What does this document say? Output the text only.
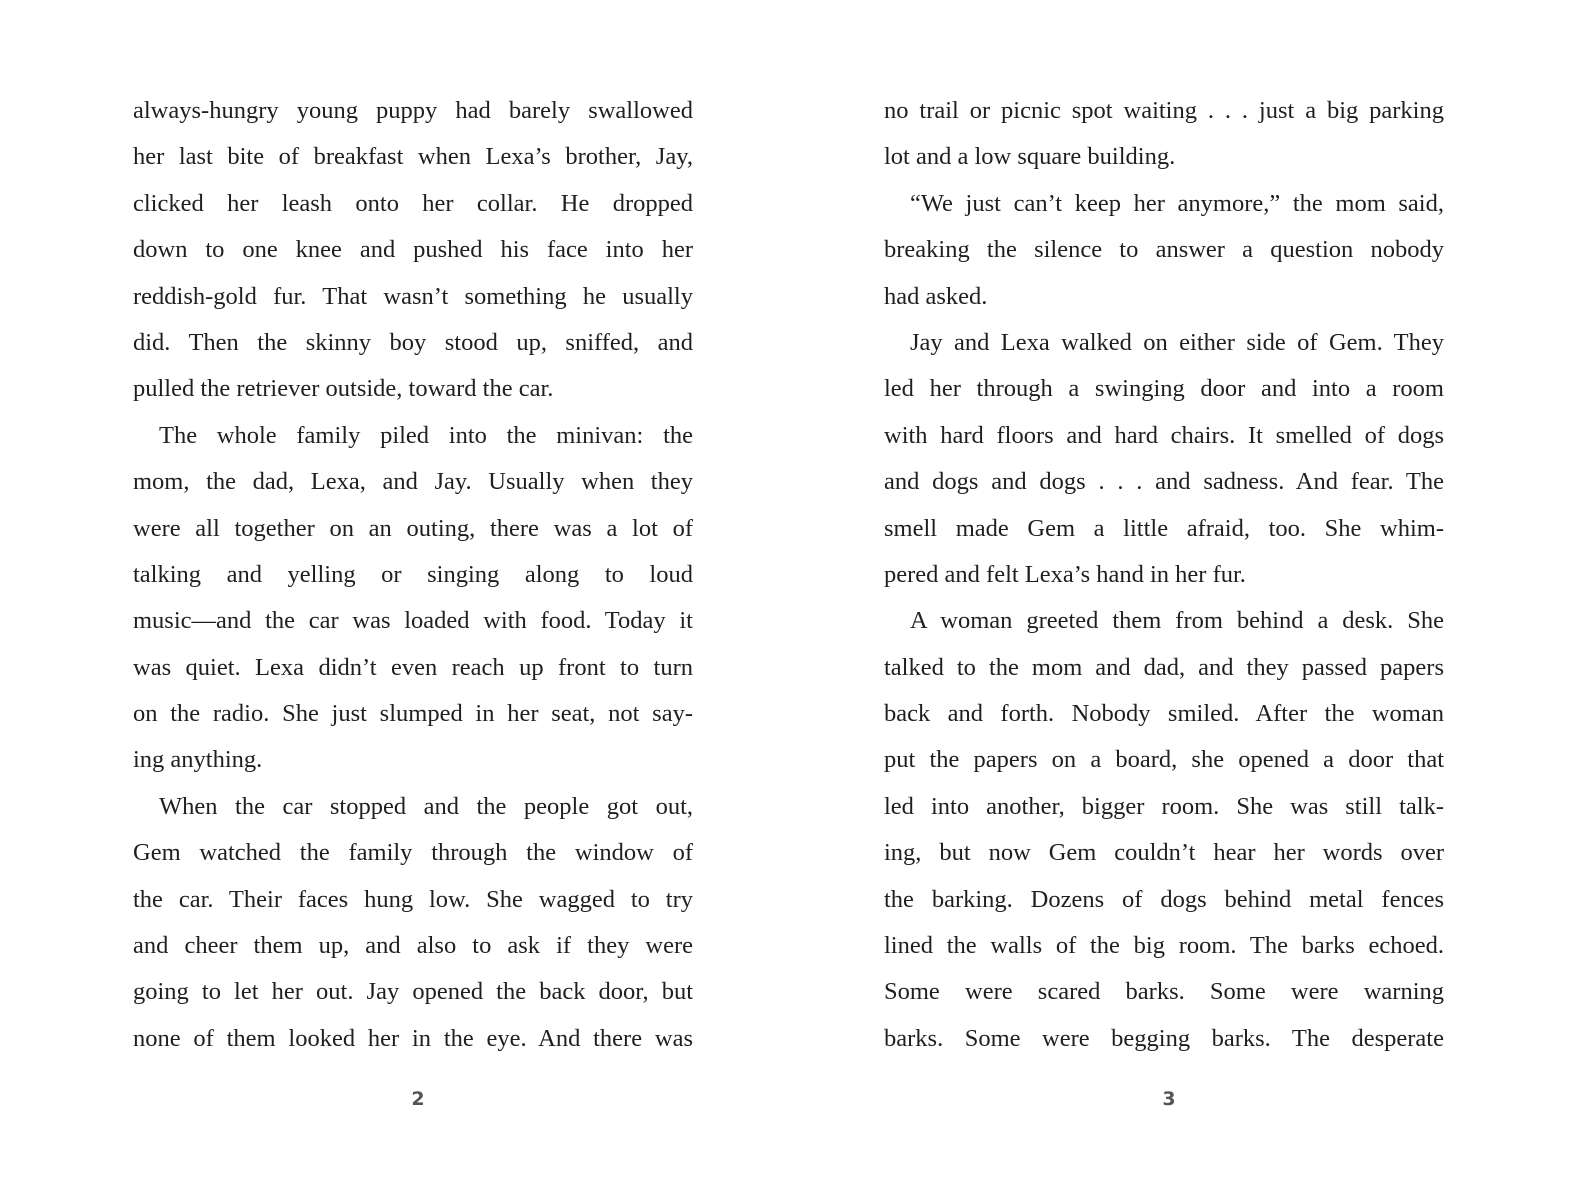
always-hungry young puppy had barely swallowed
her last bite of breakfast when Lexa’s brother, Jay,
clicked her leash onto her collar. He dropped
down to one knee and pushed his face into her
reddish-gold fur. That wasn’t something he usually
did. Then the skinny boy stood up, sniffed, and
pulled the retriever outside, toward the car.
The whole family piled into the minivan: the
mom, the dad, Lexa, and Jay. Usually when they
were all together on an outing, there was a lot of
talking and yelling or singing along to loud
music—and the car was loaded with food. Today it
was quiet. Lexa didn’t even reach up front to turn
on the radio. She just slumped in her seat, not say-
ing anything.
When the car stopped and the people got out,
Gem watched the family through the window of
the car. Their faces hung low. She wagged to try
and cheer them up, and also to ask if they were
going to let her out. Jay opened the back door, but
none of them looked her in the eye. And there was
2
no trail or picnic spot waiting . . . just a big parking
lot and a low square building.
“We just can’t keep her anymore,” the mom said,
breaking the silence to answer a question nobody
had asked.
Jay and Lexa walked on either side of Gem. They
led her through a swinging door and into a room
with hard floors and hard chairs. It smelled of dogs
and dogs and dogs . . . and sadness. And fear. The
smell made Gem a little afraid, too. She whim-
pered and felt Lexa’s hand in her fur.
A woman greeted them from behind a desk. She
talked to the mom and dad, and they passed papers
back and forth. Nobody smiled. After the woman
put the papers on a board, she opened a door that
led into another, bigger room. She was still talk-
ing, but now Gem couldn’t hear her words over
the barking. Dozens of dogs behind metal fences
lined the walls of the big room. The barks echoed.
Some were scared barks. Some were warning
barks. Some were begging barks. The desperate
3
